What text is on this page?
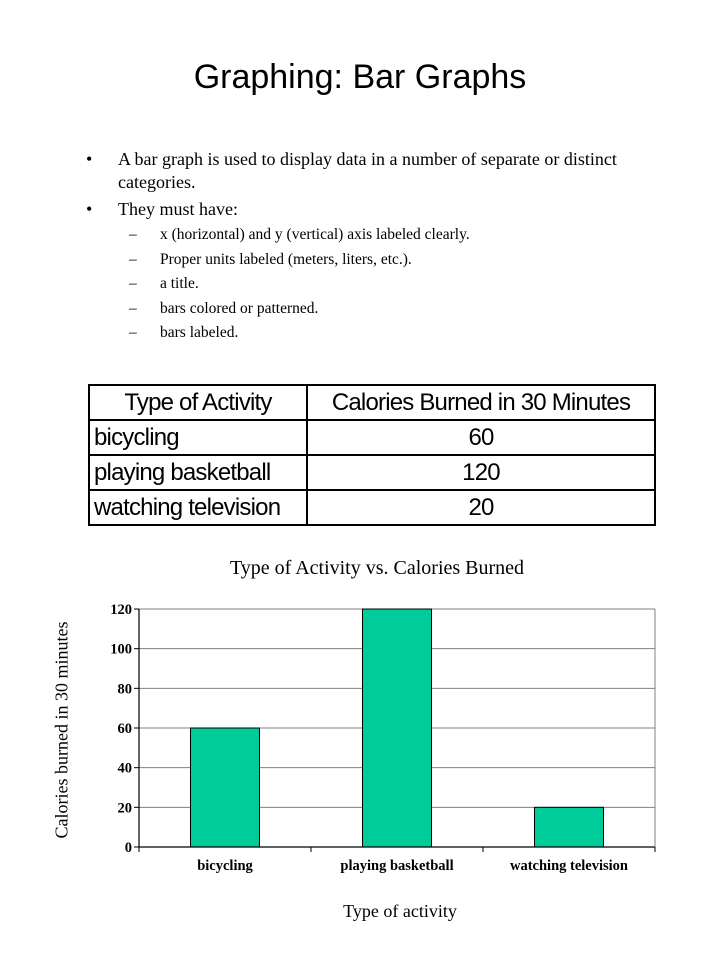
Graphing: Bar Graphs
• A bar graph is used to display data in a number of separate or distinct categories.
• They must have:
– x (horizontal) and y (vertical) axis labeled clearly.
– Proper units labeled (meters, liters, etc.).
– a title.
– bars colored or patterned.
– bars labeled.
Type of Activity	Calories Burned in 30 Minutes
bicycling	60
playing basketball	120
watching television	20
Type of Activity vs. Calories Burned
Calories burned in 30 minutes
Type of activity
0
20
40
60
80
100
120
bicycling	playing basketball	watching television
